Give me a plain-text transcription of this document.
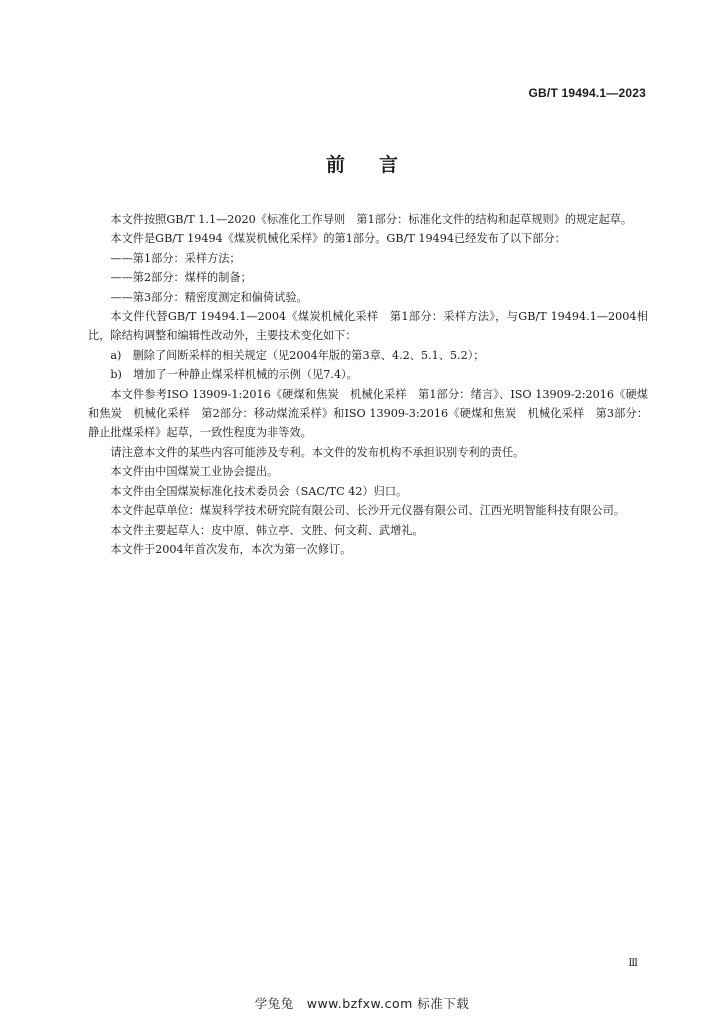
GB/T 19494.1—2023
前言

本文件按照GB/T 1.1—2020《标准化工作导则　第1部分：标准化文件的结构和起草规则》的规定起草。

本文件是GB/T 19494《煤炭机械化采样》的第1部分。GB/T 19494已经发布了以下部分：

——第1部分：采样方法；

——第2部分：煤样的制备；

——第3部分：精密度测定和偏倚试验。

本文件代替GB/T 19494.1—2004《煤炭机械化采样　第1部分：采样方法》，与GB/T 19494.1—2004相比，除结构调整和编辑性改动外，主要技术变化如下：

a)　删除了间断采样的相关规定（见2004年版的第3章、4.2、5.1、5.2）；

b)　增加了一种静止煤采样机械的示例（见7.4）。

本文件参考ISO 13909-1:2016《硬煤和焦炭　机械化采样　第1部分：绪言》、ISO 13909-2:2016《硬煤和焦炭　机械化采样　第2部分：移动煤流采样》和ISO 13909-3:2016《硬煤和焦炭　机械化采样　第3部分：静止批煤采样》起草，一致性程度为非等效。

请注意本文件的某些内容可能涉及专利。本文件的发布机构不承担识别专利的责任。

本文件由中国煤炭工业协会提出。

本文件由全国煤炭标准化技术委员会（SAC/TC 42）归口。

本文件起草单位：煤炭科学技术研究院有限公司、长沙开元仪器有限公司、江西光明智能科技有限公司。

本文件主要起草人：皮中原、韩立亭、文胜、何文莉、武增礼。

本文件于2004年首次发布，本次为第一次修订。

Ⅲ
学兔兔　www.bzfxw.com 标准下载
